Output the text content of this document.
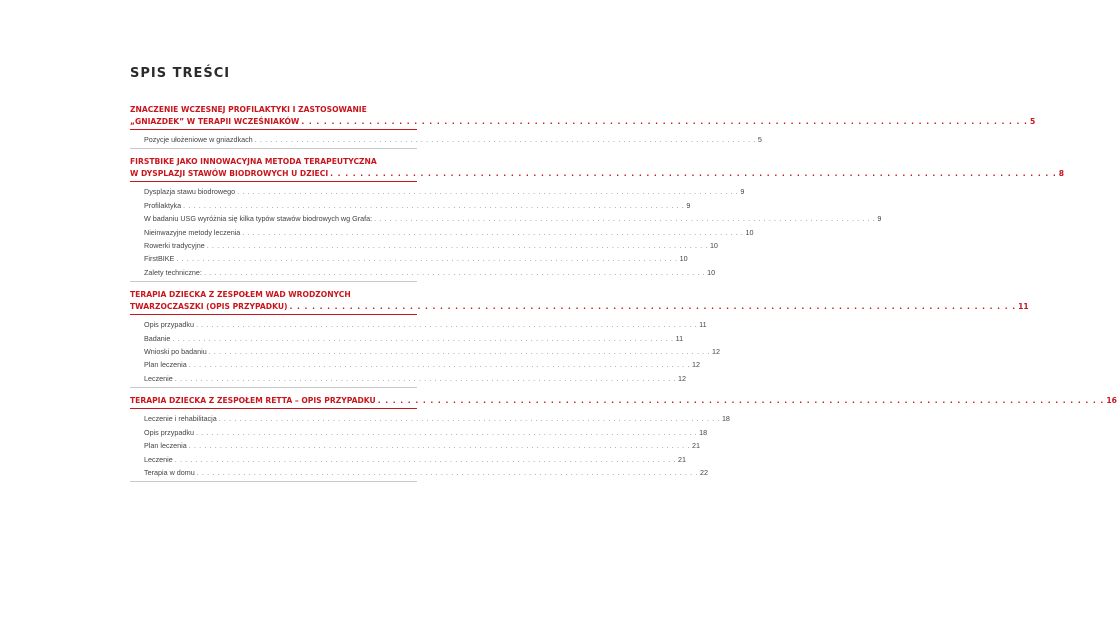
SPIS TREŚCI
ZNACZENIE WCZESNEJ PROFILAKTYKI I ZASTOSOWANIE
„GNIAZDEK” W TERAPII WCZEŚNIAKÓW . . . . . . . . . . . . . . . . . . . . . . . . . . . . . . . . . . . . . . . . . . . . . . . . . . . . . . . . . . . . . . . . . . . . . . . . . . . . . . . . . . . . . . . . . . . . . . . . . 5
Pozycje ułożeniowe w gniazdkach . . . . . . . . . . . . . . . . . . . . . . . . . . . . . . . . . . . . . . . . . . . . . . . . . . . . . . . . . . . . . . . . . . . . . . . . . . . . . . . . . . . . . . . . . . . . . . . . . 5
FIRSTBIKE JAKO INNOWACYJNA METODA TERAPEUTYCZNA
W DYSPLAZJI STAWÓW BIODROWYCH U DZIECI . . . . . . . . . . . . . . . . . . . . . . . . . . . . . . . . . . . . . . . . . . . . . . . . . . . . . . . . . . . . . . . . . . . . . . . . . . . . . . . . . . . . . . . . . . . . . . . . . 8
Dysplazja stawu biodrowego . . . . . . . . . . . . . . . . . . . . . . . . . . . . . . . . . . . . . . . . . . . . . . . . . . . . . . . . . . . . . . . . . . . . . . . . . . . . . . . . . . . . . . . . . . . . . . . . . 9
Profilaktyka . . . . . . . . . . . . . . . . . . . . . . . . . . . . . . . . . . . . . . . . . . . . . . . . . . . . . . . . . . . . . . . . . . . . . . . . . . . . . . . . . . . . . . . . . . . . . . . . . 9
W badaniu USG wyróżnia się kilka typów stawów biodrowych wg Grafa: . . . . . . . . . . . . . . . . . . . . . . . . . . . . . . . . . . . . . . . . . . . . . . . . . . . . . . . . . . . . . . . . . . . . . . . . . . . . . . . . . . . . . . . . . . . . . . . . . 9
Nieinwazyjne metody leczenia . . . . . . . . . . . . . . . . . . . . . . . . . . . . . . . . . . . . . . . . . . . . . . . . . . . . . . . . . . . . . . . . . . . . . . . . . . . . . . . . . . . . . . . . . . . . . . . . . 10
Rowerki tradycyjne . . . . . . . . . . . . . . . . . . . . . . . . . . . . . . . . . . . . . . . . . . . . . . . . . . . . . . . . . . . . . . . . . . . . . . . . . . . . . . . . . . . . . . . . . . . . . . . . . 10
FirstBIKE . . . . . . . . . . . . . . . . . . . . . . . . . . . . . . . . . . . . . . . . . . . . . . . . . . . . . . . . . . . . . . . . . . . . . . . . . . . . . . . . . . . . . . . . . . . . . . . . . 10
Zalety techniczne: . . . . . . . . . . . . . . . . . . . . . . . . . . . . . . . . . . . . . . . . . . . . . . . . . . . . . . . . . . . . . . . . . . . . . . . . . . . . . . . . . . . . . . . . . . . . . . . . . 10
TERAPIA DZIECKA Z ZESPOŁEM WAD WRODZONYCH
TWARZOCZASZKI (OPIS PRZYPADKU) . . . . . . . . . . . . . . . . . . . . . . . . . . . . . . . . . . . . . . . . . . . . . . . . . . . . . . . . . . . . . . . . . . . . . . . . . . . . . . . . . . . . . . . . . . . . . . . . . 11
Opis przypadku . . . . . . . . . . . . . . . . . . . . . . . . . . . . . . . . . . . . . . . . . . . . . . . . . . . . . . . . . . . . . . . . . . . . . . . . . . . . . . . . . . . . . . . . . . . . . . . . . 11
Badanie . . . . . . . . . . . . . . . . . . . . . . . . . . . . . . . . . . . . . . . . . . . . . . . . . . . . . . . . . . . . . . . . . . . . . . . . . . . . . . . . . . . . . . . . . . . . . . . . . 11
Wnioski po badaniu . . . . . . . . . . . . . . . . . . . . . . . . . . . . . . . . . . . . . . . . . . . . . . . . . . . . . . . . . . . . . . . . . . . . . . . . . . . . . . . . . . . . . . . . . . . . . . . . . 12
Plan leczenia . . . . . . . . . . . . . . . . . . . . . . . . . . . . . . . . . . . . . . . . . . . . . . . . . . . . . . . . . . . . . . . . . . . . . . . . . . . . . . . . . . . . . . . . . . . . . . . . . 12
Leczenie . . . . . . . . . . . . . . . . . . . . . . . . . . . . . . . . . . . . . . . . . . . . . . . . . . . . . . . . . . . . . . . . . . . . . . . . . . . . . . . . . . . . . . . . . . . . . . . . . 12
TERAPIA DZIECKA Z ZESPOŁEM RETTA – OPIS PRZYPADKU . . . . . . . . . . . . . . . . . . . . . . . . . . . . . . . . . . . . . . . . . . . . . . . . . . . . . . . . . . . . . . . . . . . . . . . . . . . . . . . . . . . . . . . . . . . . . . . . . 16
Leczenie i rehabilitacja . . . . . . . . . . . . . . . . . . . . . . . . . . . . . . . . . . . . . . . . . . . . . . . . . . . . . . . . . . . . . . . . . . . . . . . . . . . . . . . . . . . . . . . . . . . . . . . . . 18
Opis przypadku . . . . . . . . . . . . . . . . . . . . . . . . . . . . . . . . . . . . . . . . . . . . . . . . . . . . . . . . . . . . . . . . . . . . . . . . . . . . . . . . . . . . . . . . . . . . . . . . . 18
Plan leczenia . . . . . . . . . . . . . . . . . . . . . . . . . . . . . . . . . . . . . . . . . . . . . . . . . . . . . . . . . . . . . . . . . . . . . . . . . . . . . . . . . . . . . . . . . . . . . . . . . 21
Leczenie . . . . . . . . . . . . . . . . . . . . . . . . . . . . . . . . . . . . . . . . . . . . . . . . . . . . . . . . . . . . . . . . . . . . . . . . . . . . . . . . . . . . . . . . . . . . . . . . . 21
Terapia w domu . . . . . . . . . . . . . . . . . . . . . . . . . . . . . . . . . . . . . . . . . . . . . . . . . . . . . . . . . . . . . . . . . . . . . . . . . . . . . . . . . . . . . . . . . . . . . . . . . 22
